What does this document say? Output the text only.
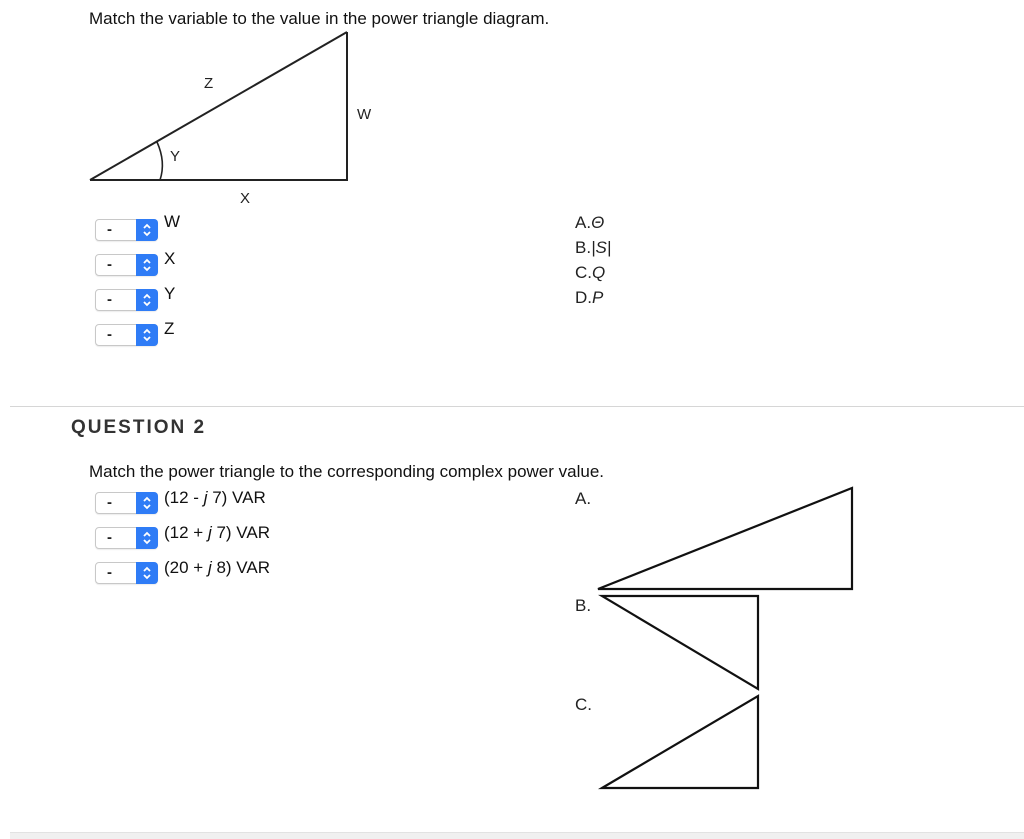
Match the variable to the value in the power triangle diagram.
Z
W
Y
X
-	W
-	X
-	Y
-	Z
A.Θ
B.|S|
C.Q
D.P
QUESTION 2
Match the power triangle to the corresponding complex power value.
-	(12 - j 7) VAR
-	(12 + j 7) VAR
-	(20 + j 8) VAR
A.
B.
C.
